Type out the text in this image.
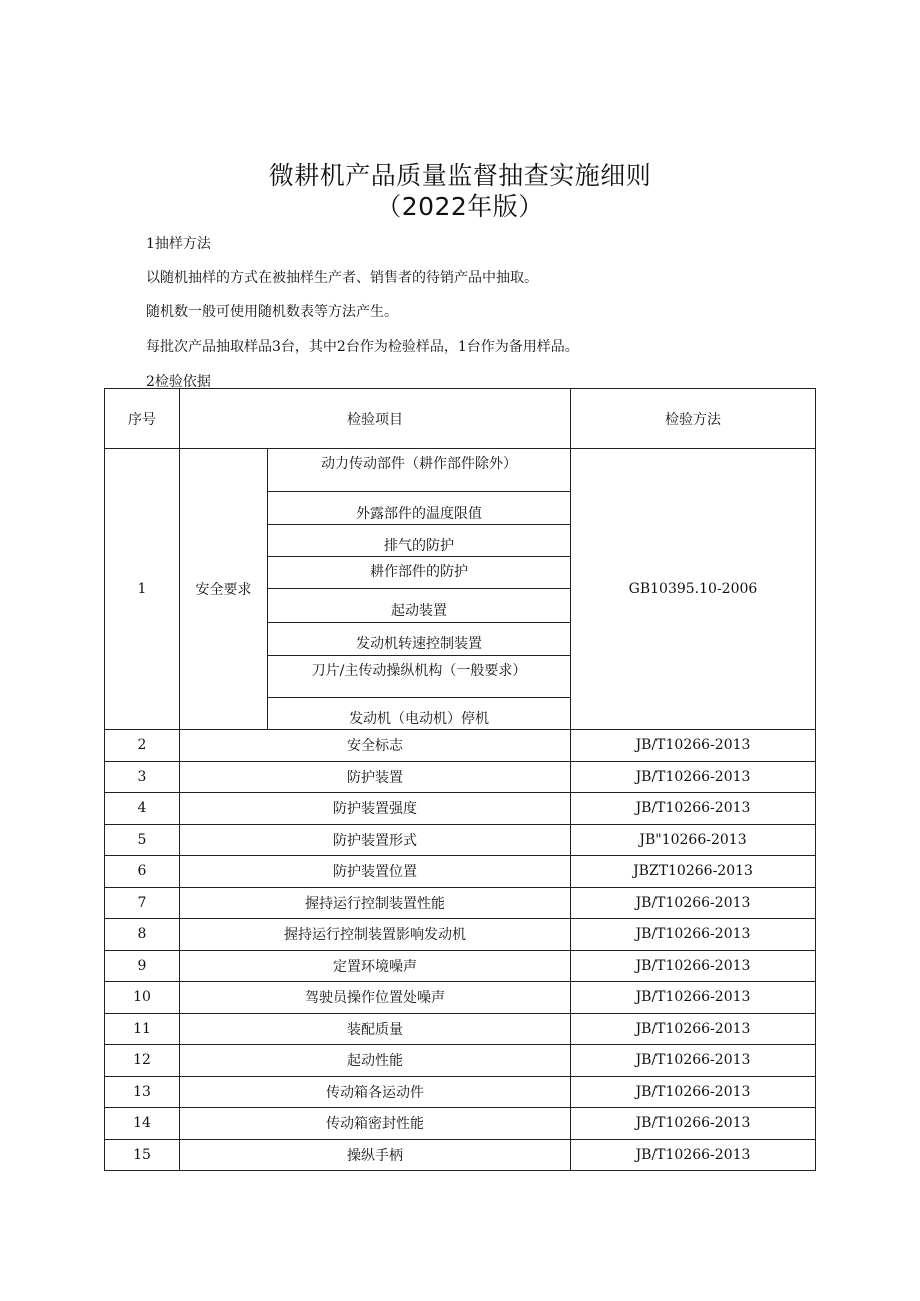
微耕机产品质量监督抽查实施细则
（2022年版）
1抽样方法
以随机抽样的方式在被抽样生产者、销售者的待销产品中抽取。
随机数一般可使用随机数表等方法产生。
每批次产品抽取样品3台，其中2台作为检验样品，1台作为备用样品。
2检验依据
序号	检验项目		检验方法
1	安全要求	动力传动部件（耕作部件除外）	GB10395.10-2006
		外露部件的温度限值	
		排气的防护	
		耕作部件的防护	
		起动装置	
		发动机转速控制装置	
		刀片/主传动操纵机构（一般要求）	
		发动机（电动机）停机	
2	安全标志		JB/T10266-2013
3	防护装置		JB/T10266-2013
4	防护装置强度		JB/T10266-2013
5	防护装置形式		JB"10266-2013
6	防护装置位置		JBZT10266-2013
7	握持运行控制装置性能		JB/T10266-2013
8	握持运行控制装置影响发动机		JB/T10266-2013
9	定置环境噪声		JB/T10266-2013
10	驾驶员操作位置处噪声		JB/T10266-2013
11	装配质量		JB/T10266-2013
12	起动性能		JB/T10266-2013
13	传动箱各运动件		JB/T10266-2013
14	传动箱密封性能		JB/T10266-2013
15	操纵手柄		JB/T10266-2013
